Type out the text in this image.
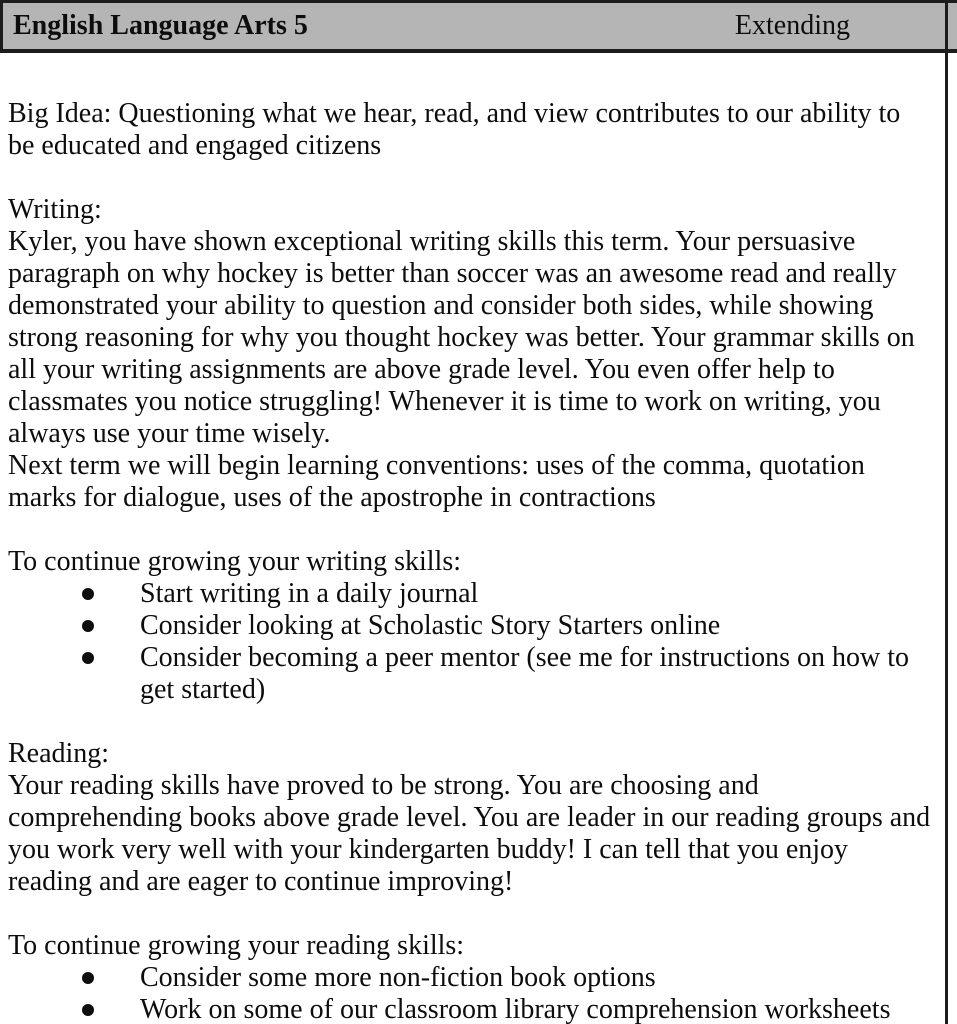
English Language Arts 5	Extending
Big Idea: Questioning what we hear, read, and view contributes to our ability to be educated and engaged citizens
Writing:
Kyler, you have shown exceptional writing skills this term. Your persuasive paragraph on why hockey is better than soccer was an awesome read and really demonstrated your ability to question and consider both sides, while showing strong reasoning for why you thought hockey was better. Your grammar skills on all your writing assignments are above grade level. You even offer help to classmates you notice struggling! Whenever it is time to work on writing, you always use your time wisely.
Next term we will begin learning conventions: uses of the comma, quotation marks for dialogue, uses of the apostrophe in contractions
To continue growing your writing skills:
Start writing in a daily journal
Consider looking at Scholastic Story Starters online
Consider becoming a peer mentor (see me for instructions on how to get started)
Reading:
Your reading skills have proved to be strong. You are choosing and comprehending books above grade level. You are leader in our reading groups and you work very well with your kindergarten buddy! I can tell that you enjoy reading and are eager to continue improving!
To continue growing your reading skills:
Consider some more non-fiction book options
Work on some of our classroom library comprehension worksheets
